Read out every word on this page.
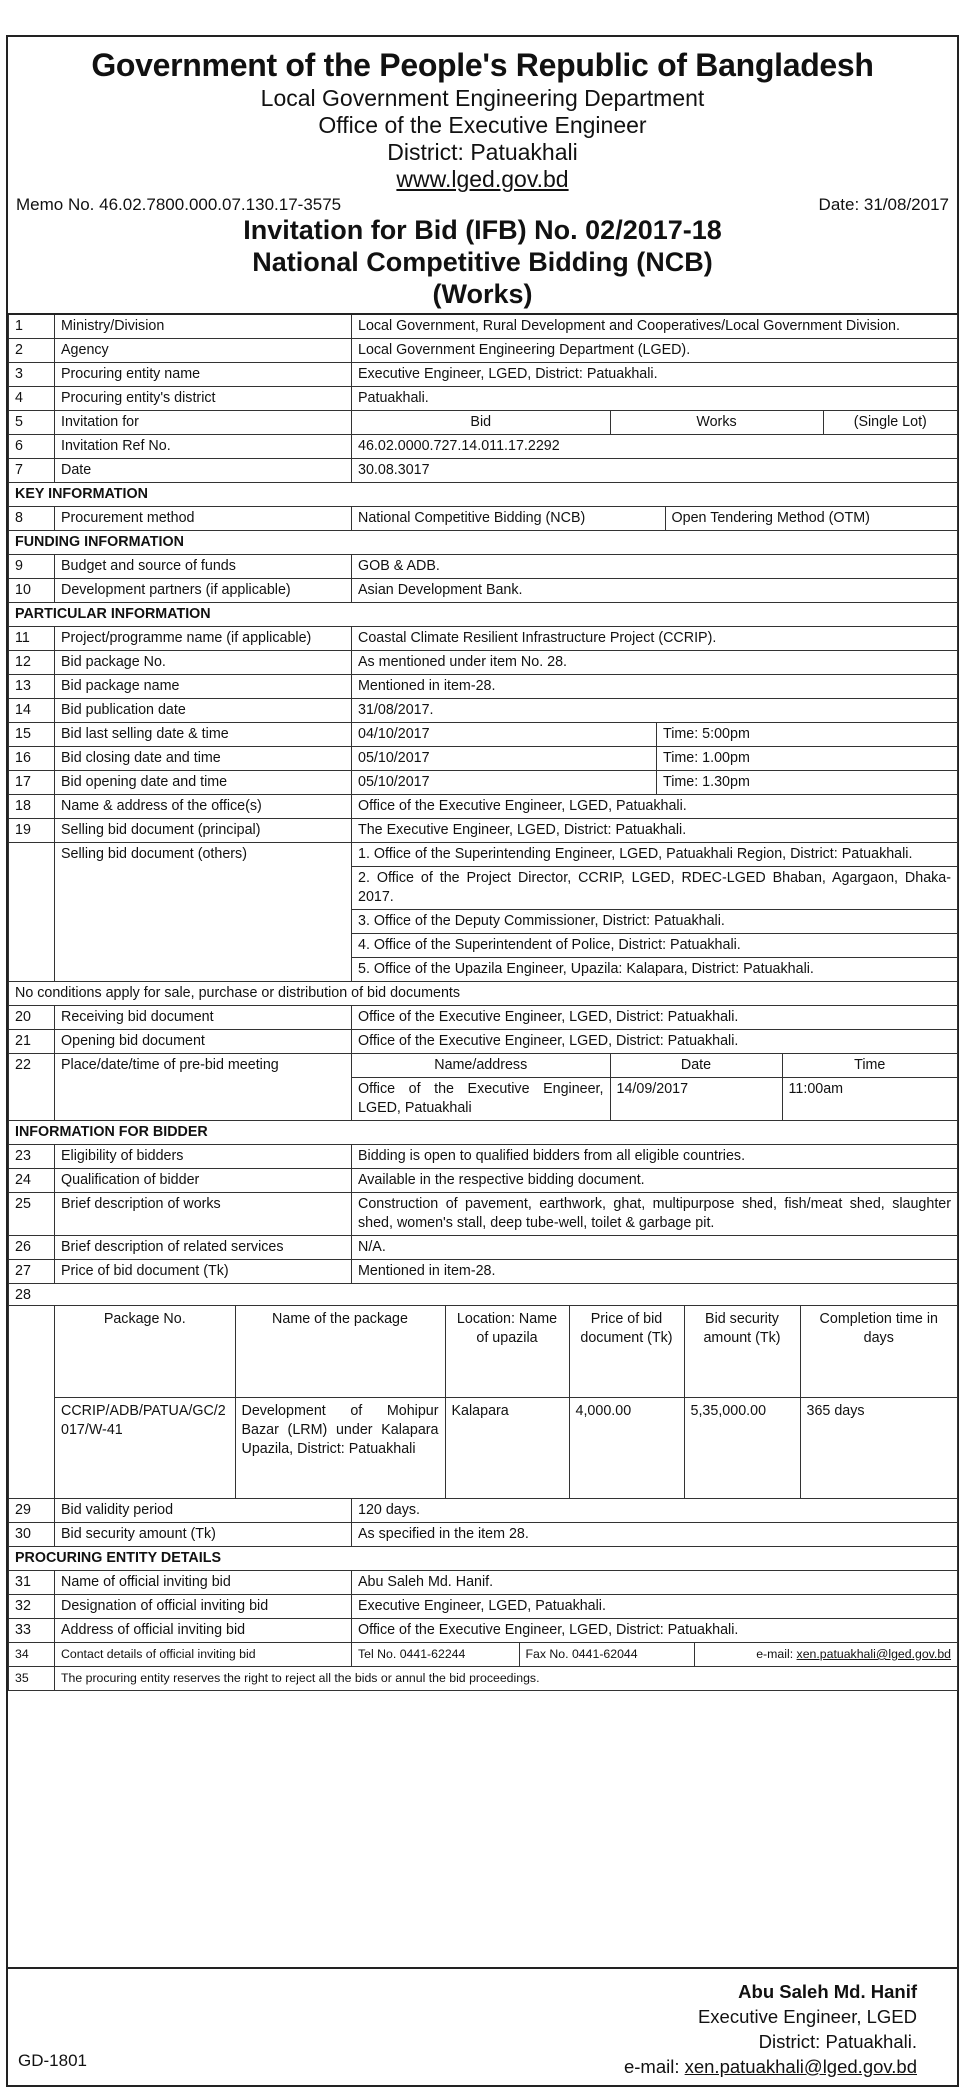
Government of the People's Republic of Bangladesh
Local Government Engineering Department
Office of the Executive Engineer
District: Patuakhali
www.lged.gov.bd
Memo No. 46.02.7800.000.07.130.17-3575	Date: 31/08/2017
Invitation for Bid (IFB) No. 02/2017-18
National Competitive Bidding (NCB)
(Works)
1	Ministry/Division	Local Government, Rural Development and Cooperatives/Local Government Division.
2	Agency	Local Government Engineering Department (LGED).
3	Procuring entity name	Executive Engineer, LGED, District: Patuakhali.
4	Procuring entity's district	Patuakhali.
5	Invitation for		Bid	Works	(Single Lot)

6	Invitation Ref No.	46.02.0000.727.14.011.17.2292
7	Date	30.08.3017
KEY INFORMATION
8	Procurement method		National Competitive Bidding (NCB)	Open Tendering Method (OTM)

FUNDING INFORMATION
9	Budget and source of funds	GOB & ADB.
10	Development partners (if applicable)	Asian Development Bank.
PARTICULAR INFORMATION
11	Project/programme name (if applicable)	Coastal Climate Resilient Infrastructure Project (CCRIP).
12	Bid package No.	As mentioned under item No. 28.
13	Bid package name	Mentioned in item-28.
14	Bid publication date	31/08/2017.
15	Bid last selling date & time	04/10/2017	Time: 5:00pm
16	Bid closing date and time	05/10/2017	Time: 1.00pm
17	Bid opening date and time	05/10/2017	Time: 1.30pm
18	Name & address of the office(s)	Office of the Executive Engineer, LGED, Patuakhali.
19	Selling bid document (principal)	The Executive Engineer, LGED, District: Patuakhali.
	Selling bid document (others)	1. Office of the Superintending Engineer, LGED, Patuakhali Region, District: Patuakhali.
2. Office of the Project Director, CCRIP, LGED, RDEC-LGED Bhaban, Agargaon, Dhaka-2017.
3. Office of the Deputy Commissioner, District: Patuakhali.
4. Office of the Superintendent of Police, District: Patuakhali.
5. Office of the Upazila Engineer, Upazila: Kalapara, District: Patuakhali.
No conditions apply for sale, purchase or distribution of bid documents
20	Receiving bid document	Office of the Executive Engineer, LGED, District: Patuakhali.
21	Opening bid document	Office of the Executive Engineer, LGED, District: Patuakhali.
22	Place/date/time of pre-bid meeting		Name/address	Date	Time
Office of the Executive Engineer, LGED, Patuakhali	14/09/2017	11:00am

INFORMATION FOR BIDDER
23	Eligibility of bidders	Bidding is open to qualified bidders from all eligible countries.
24	Qualification of bidder	Available in the respective bidding document.
25	Brief description of works	Construction of pavement, earthwork, ghat, multipurpose shed, fish/meat shed, slaughter shed, women's stall, deep tube-well, toilet & garbage pit.
26	Brief description of related services	N/A.
27	Price of bid document (Tk)	Mentioned in item-28.
28

Package No.	Name of the package	Location: Name of upazila	Price of bid document (Tk)	Bid security amount (Tk)	Completion time in days
CCRIP/ADB/PATUA/GC/2017/W-41	Development of Mohipur Bazar (LRM) under Kalapara Upazila, District: Patuakhali	Kalapara	4,000.00	5,35,000.00	365 days

29	Bid validity period	120 days.
30	Bid security amount (Tk)	As specified in the item 28.
PROCURING ENTITY DETAILS
31	Name of official inviting bid	Abu Saleh Md. Hanif.
32	Designation of official inviting bid	Executive Engineer, LGED, Patuakhali.
33	Address of official inviting bid	Office of the Executive Engineer, LGED, District: Patuakhali.
34	Contact details of official inviting bid		Tel No. 0441-62244	Fax No. 0441-62044	e-mail: xen.patuakhali@lged.gov.bd

35	The procuring entity reserves the right to reject all the bids or annul the bid proceedings.
Abu Saleh Md. Hanif
Executive Engineer, LGED
District: Patuakhali.
e-mail: xen.patuakhali@lged.gov.bd
GD-1801
